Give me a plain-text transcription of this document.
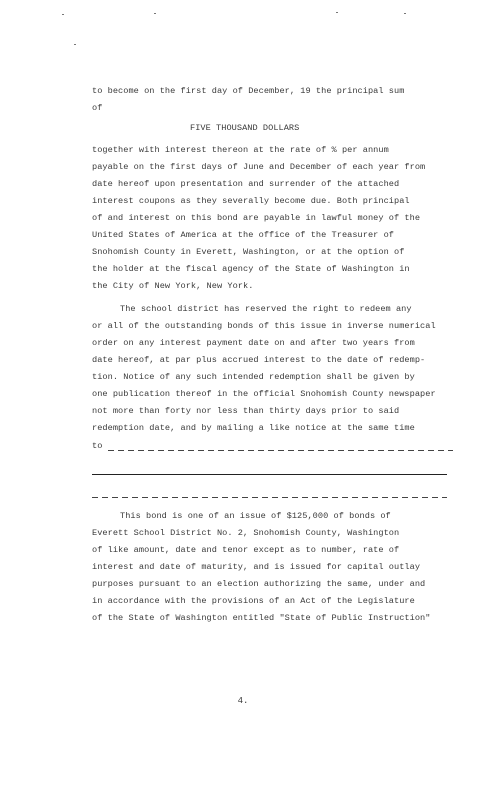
to become on the first day of December, 19 the principal sum
of
FIVE THOUSAND DOLLARS
together with interest thereon at the rate of % per annum
payable on the first days of June and December of each year from
date hereof upon presentation and surrender of the attached
interest coupons as they severally become due. Both principal
of and interest on this bond are payable in lawful money of the
United States of America at the office of the Treasurer of
Snohomish County in Everett, Washington, or at the option of
the holder at the fiscal agency of the State of Washington in
the City of New York, New York.
The school district has reserved the right to redeem any
or all of the outstanding bonds of this issue in inverse numerical
order on any interest payment date on and after two years from
date hereof, at par plus accrued interest to the date of redemp-
tion. Notice of any such intended redemption shall be given by
one publication thereof in the official Snohomish County newspaper
not more than forty nor less than thirty days prior to said
redemption date, and by mailing a like notice at the same time
to
This bond is one of an issue of $125,000 of bonds of
Everett School District No. 2, Snohomish County, Washington
of like amount, date and tenor except as to number, rate of
interest and date of maturity, and is issued for capital outlay
purposes pursuant to an election authorizing the same, under and
in accordance with the provisions of an Act of the Legislature
of the State of Washington entitled "State of Public Instruction"
4.
